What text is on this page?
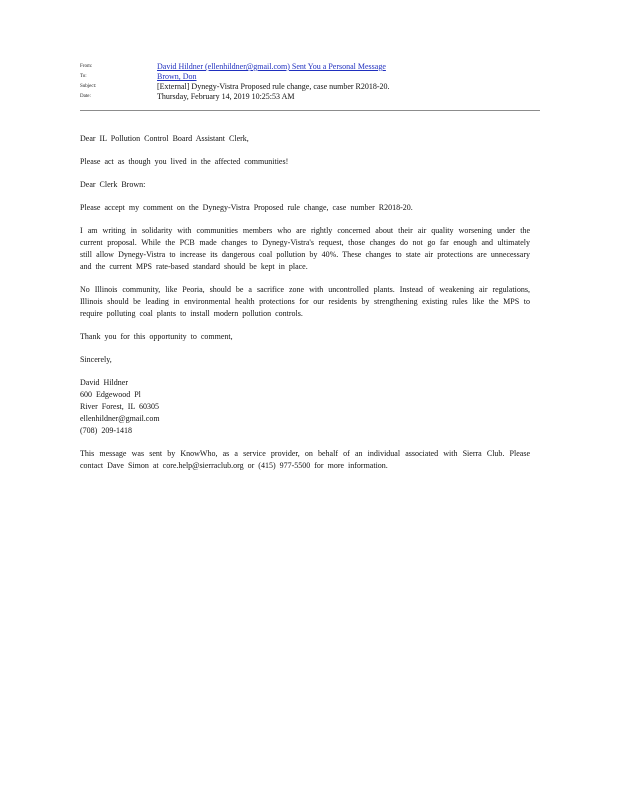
From:	David Hildner (ellenhildner@gmail.com) Sent You a Personal Message
To:	Brown, Don
Subject:	[External] Dynegy-Vistra Proposed rule change, case number R2018-20.
Date:	Thursday, February 14, 2019 10:25:53 AM

Dear IL Pollution Control Board Assistant Clerk,

Please act as though you lived in the affected communities!

Dear Clerk Brown:

Please accept my comment on the Dynegy-Vistra Proposed rule change, case number R2018-20.

I am writing in solidarity with communities members who are rightly concerned about their air quality worsening under the current proposal. While the PCB made changes to Dynegy-Vistra's request, those changes do not go far enough and ultimately still allow Dynegy-Vistra to increase its dangerous coal pollution by 40%. These changes to state air protections are unnecessary and the current MPS rate-based standard should be kept in place.

No Illinois community, like Peoria, should be a sacrifice zone with uncontrolled plants. Instead of weakening air regulations, Illinois should be leading in environmental health protections for our residents by strengthening existing rules like the MPS to require polluting coal plants to install modern pollution controls.

Thank you for this opportunity to comment,

Sincerely,

David Hildner
600 Edgewood Pl
River Forest, IL 60305
ellenhildner@gmail.com
(708) 209-1418

This message was sent by KnowWho, as a service provider, on behalf of an individual associated with Sierra Club. Please contact Dave Simon at core.help@sierraclub.org or (415) 977-5500 for more information.
